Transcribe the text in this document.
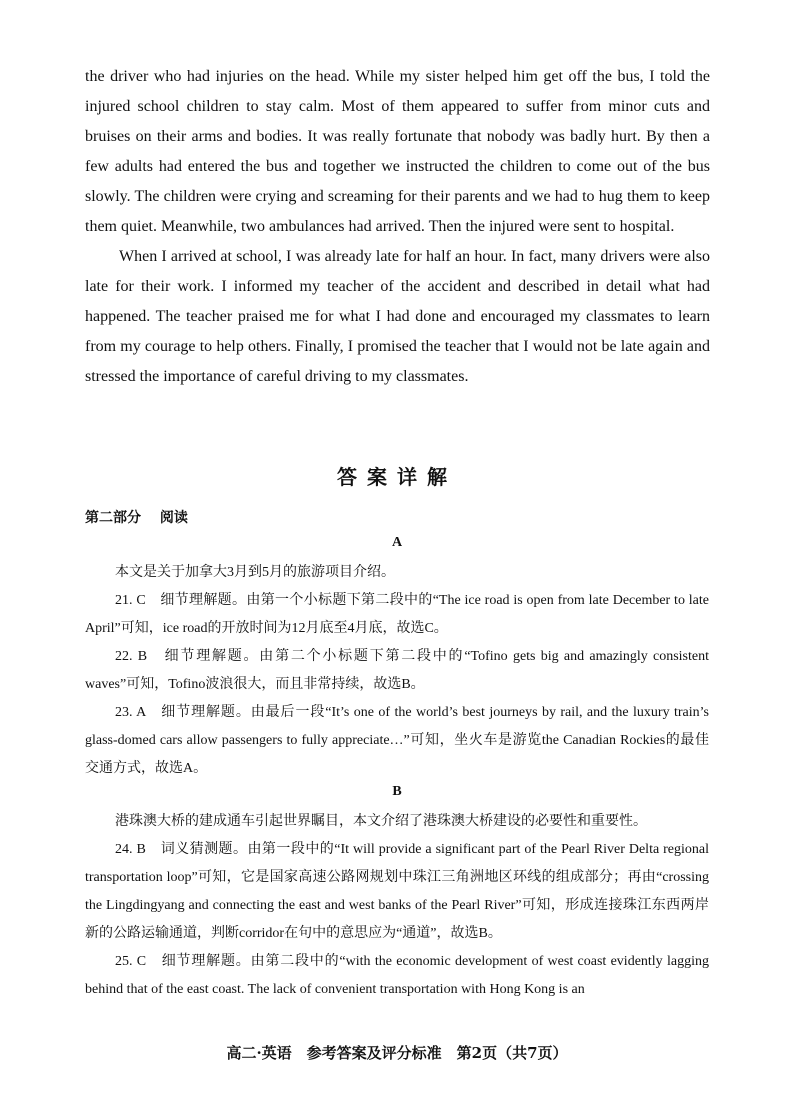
the driver who had injuries on the head. While my sister helped him get off the bus, I told the injured school children to stay calm. Most of them appeared to suffer from minor cuts and bruises on their arms and bodies. It was really fortunate that nobody was badly hurt. By then a few adults had entered the bus and together we instructed the children to come out of the bus slowly. The children were crying and screaming for their parents and we had to hug them to keep them quiet. Meanwhile, two ambulances had arrived. Then the injured were sent to hospital.

When I arrived at school, I was already late for half an hour. In fact, many drivers were also late for their work. I informed my teacher of the accident and described in detail what had happened. The teacher praised me for what I had done and encouraged my classmates to learn from my courage to help others. Finally, I promised the teacher that I would not be late again and stressed the importance of careful driving to my classmates.

答案详解
第二部分 阅读
A

本文是关于加拿大3月到5月的旅游项目介绍。

21. C　细节理解题。由第一个小标题下第二段中的“The ice road is open from late December to late April”可知，ice road的开放时间为12月底至4月底，故选C。

22. B　细节理解题。由第二个小标题下第二段中的“Tofino gets big and amazingly consistent waves”可知，Tofino波浪很大，而且非常持续，故选B。

23. A　细节理解题。由最后一段“It’s one of the world’s best journeys by rail, and the luxury train’s glass-domed cars allow passengers to fully appreciate…”可知，坐火车是游览the Canadian Rockies的最佳交通方式，故选A。

B

港珠澳大桥的建成通车引起世界瞩目，本文介绍了港珠澳大桥建设的必要性和重要性。

24. B　词义猜测题。由第一段中的“It will provide a significant part of the Pearl River Delta regional transportation loop”可知，它是国家高速公路网规划中珠江三角洲地区环线的组成部分；再由“crossing the Lingdingyang and connecting the east and west banks of the Pearl River”可知，形成连接珠江东西两岸新的公路运输通道，判断corridor在句中的意思应为“通道”，故选B。

25. C　细节理解题。由第二段中的“with the economic development of west coast evidently lagging behind that of the east coast. The lack of convenient transportation with Hong Kong is an

高二·英语　参考答案及评分标准　第2页（共7页）
